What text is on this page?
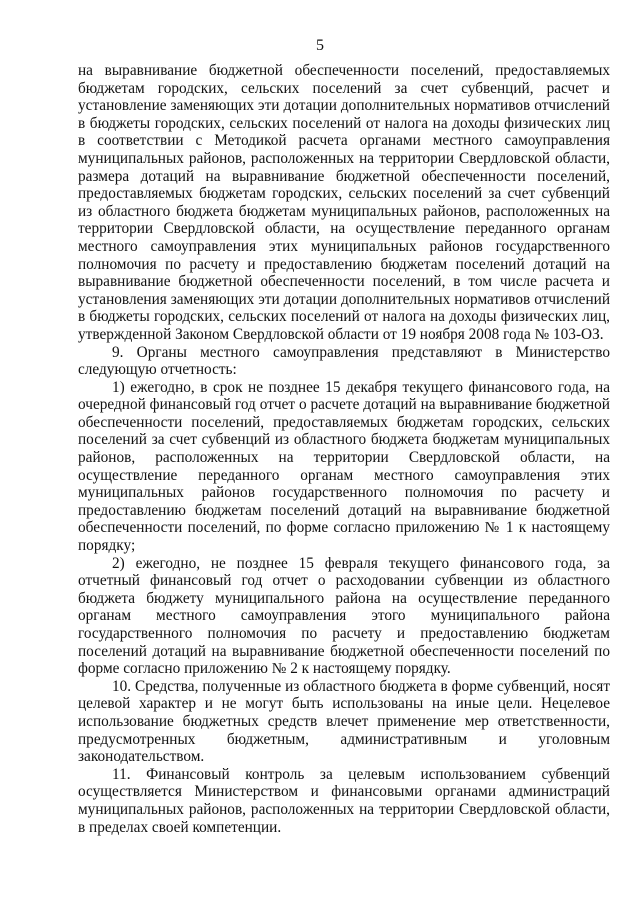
5

на выравнивание бюджетной обеспеченности поселений, предоставляемых бюджетам городских, сельских поселений за счет субвенций, расчет и установление заменяющих эти дотации дополнительных нормативов отчислений в бюджеты городских, сельских поселений от налога на доходы физических лиц в соответствии с Методикой расчета органами местного самоуправления муниципальных районов, расположенных на территории Свердловской области, размера дотаций на выравнивание бюджетной обеспеченности поселений, предоставляемых бюджетам городских, сельских поселений за счет субвенций из областного бюджета бюджетам муниципальных районов, расположенных на территории Свердловской области, на осуществление переданного органам местного самоуправления этих муниципальных районов государственного полномочия по расчету и предоставлению бюджетам поселений дотаций на выравнивание бюджетной обеспеченности поселений, в том числе расчета и установления заменяющих эти дотации дополнительных нормативов отчислений в бюджеты городских, сельских поселений от налога на доходы физических лиц, утвержденной Законом Свердловской области от 19 ноября 2008 года № 103-ОЗ.

9. Органы местного самоуправления представляют в Министерство следующую отчетность:

1) ежегодно, в срок не позднее 15 декабря текущего финансового года, на очередной финансовый год отчет о расчете дотаций на выравнивание бюджетной обеспеченности поселений, предоставляемых бюджетам городских, сельских поселений за счет субвенций из областного бюджета бюджетам муниципальных районов, расположенных на территории Свердловской области, на осуществление переданного органам местного самоуправления этих муниципальных районов государственного полномочия по расчету и предоставлению бюджетам поселений дотаций на выравнивание бюджетной обеспеченности поселений, по форме согласно приложению № 1 к настоящему порядку;

2) ежегодно, не позднее 15 февраля текущего финансового года, за отчетный финансовый год отчет о расходовании субвенции из областного бюджета бюджету муниципального района на осуществление переданного органам местного самоуправления этого муниципального района государственного полномочия по расчету и предоставлению бюджетам поселений дотаций на выравнивание бюджетной обеспеченности поселений по форме согласно приложению № 2 к настоящему порядку.

10. Средства, полученные из областного бюджета в форме субвенций, носят целевой характер и не могут быть использованы на иные цели. Нецелевое использование бюджетных средств влечет применение мер ответственности, предусмотренных бюджетным, административным и уголовным законодательством.

11. Финансовый контроль за целевым использованием субвенций осуществляется Министерством и финансовыми органами администраций муниципальных районов, расположенных на территории Свердловской области, в пределах своей компетенции.
